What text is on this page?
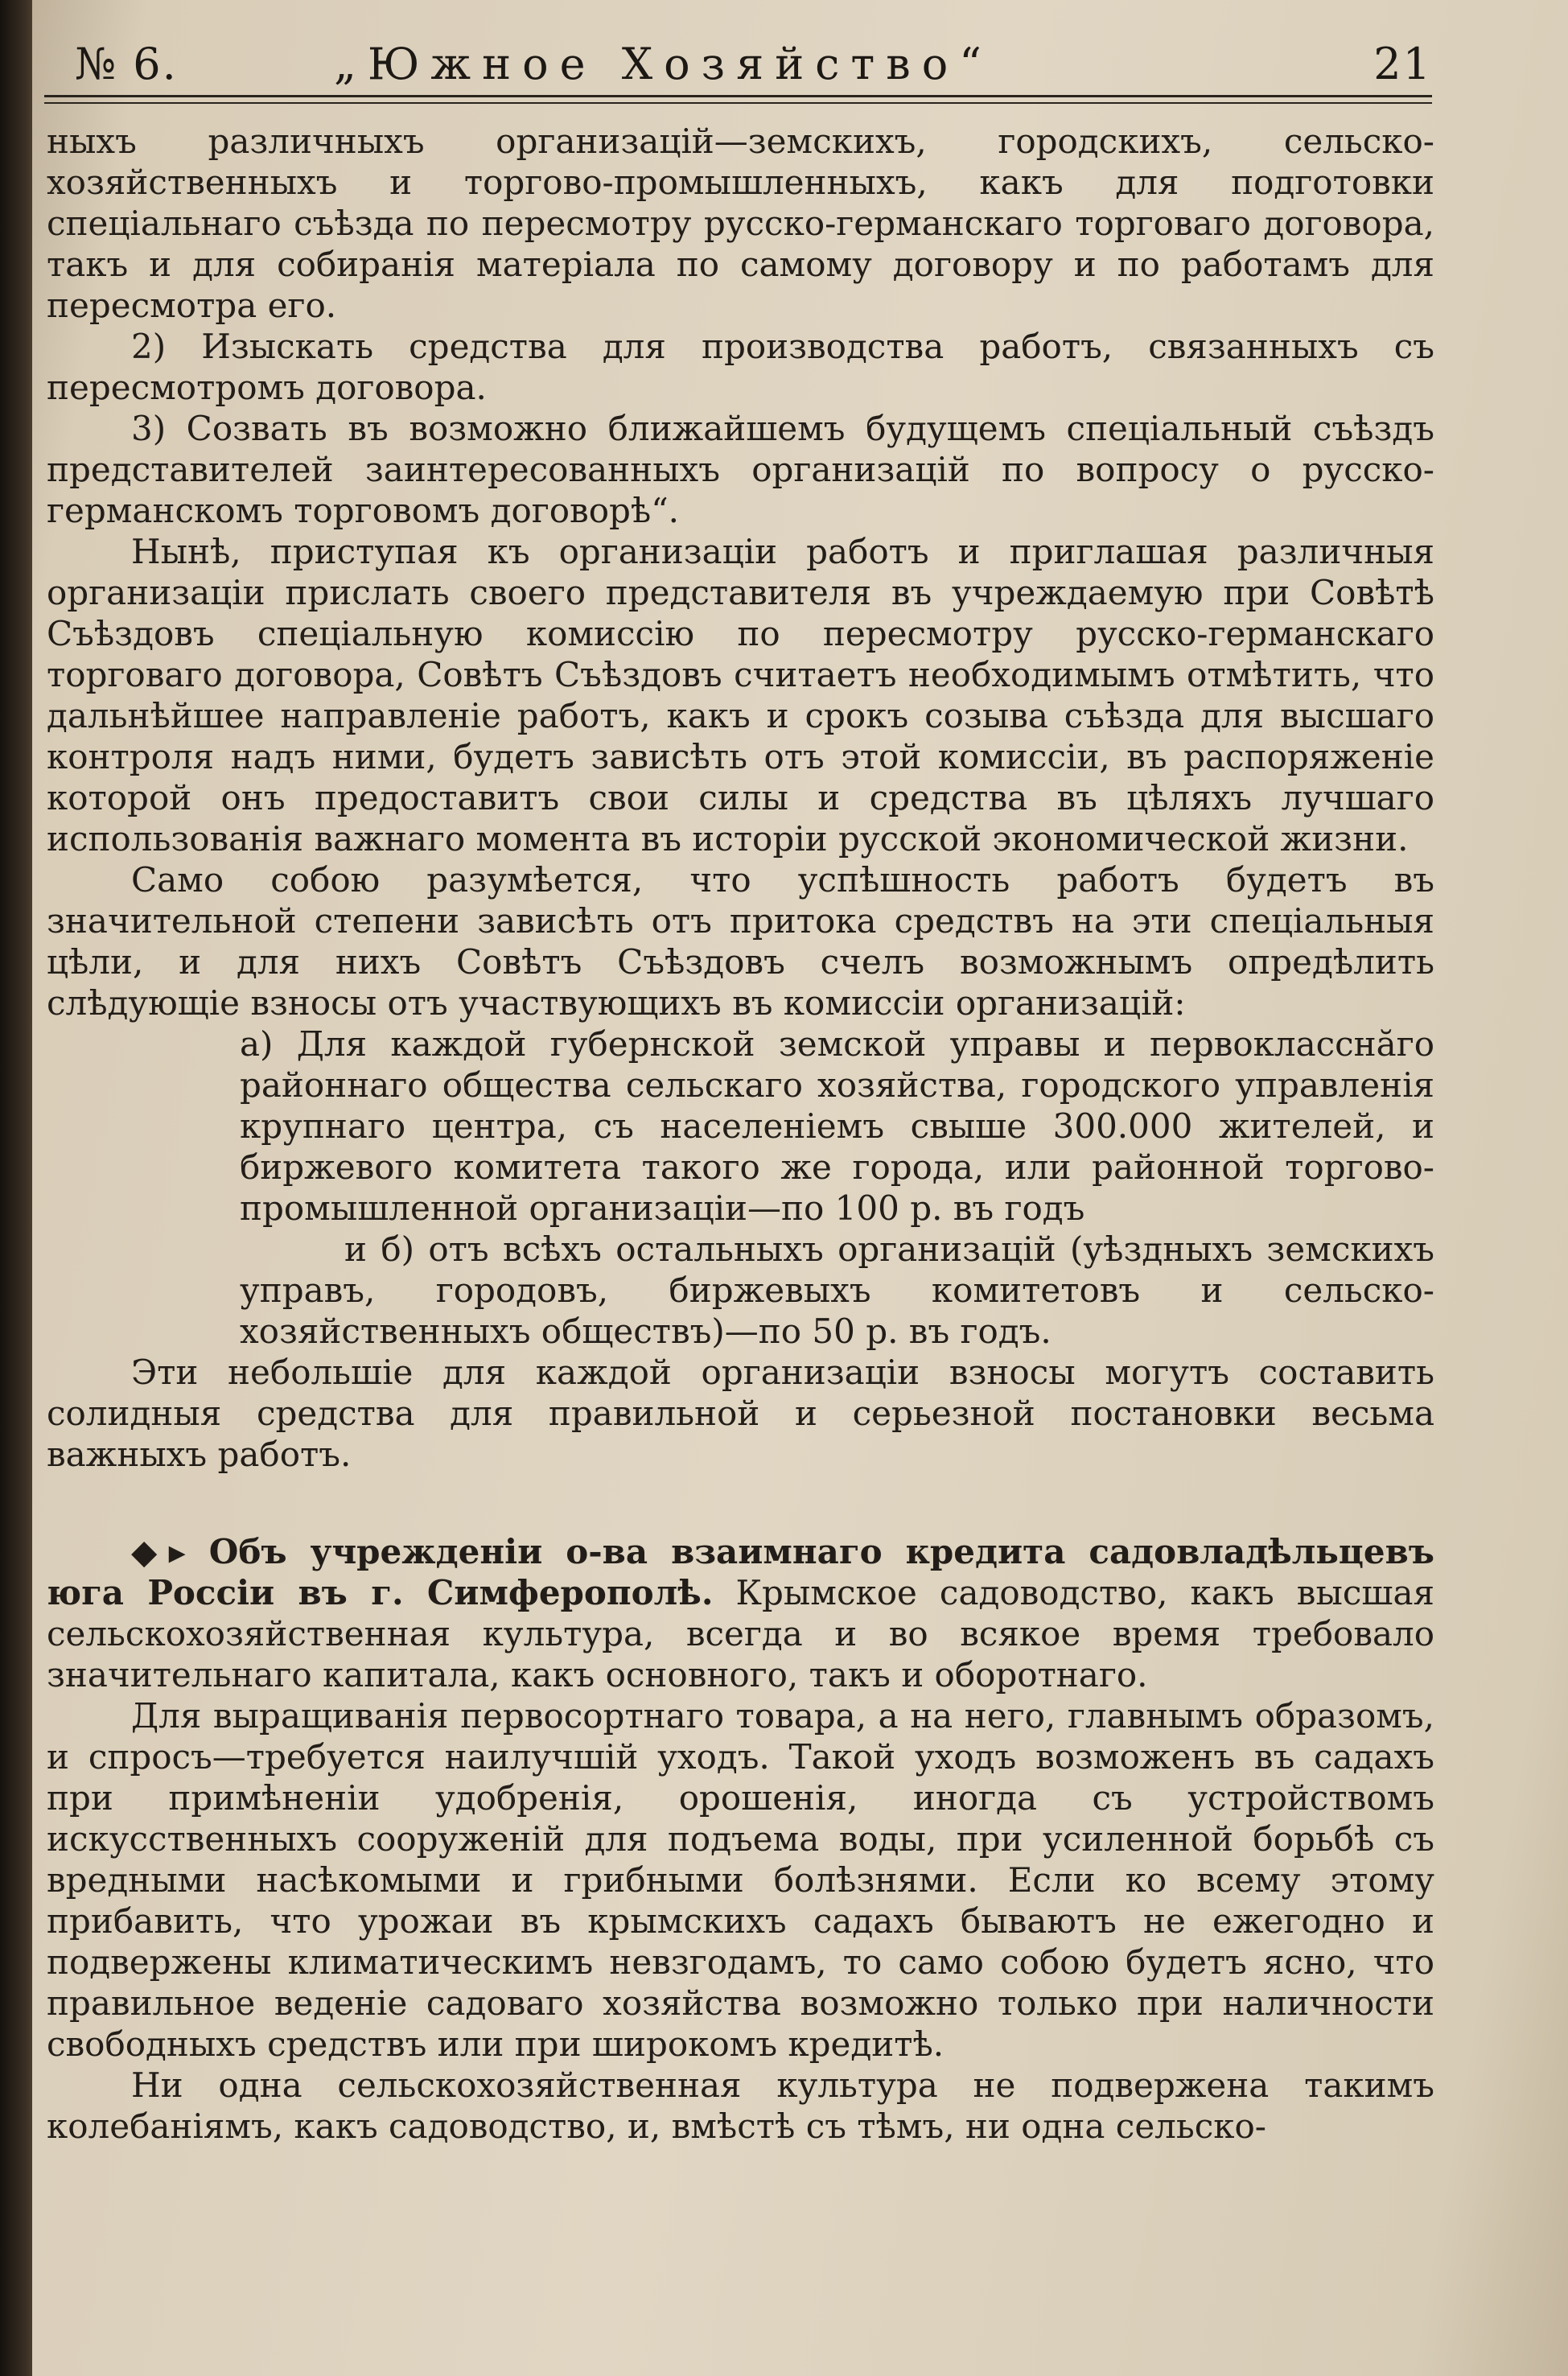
№ 6.	„Южное Хозяйство“	21

ныхъ различныхъ организацій—земскихъ, городскихъ, сельско-хозяйственныхъ и торгово-промышленныхъ, какъ для подготовки спеціальнаго съѣзда по пересмотру русско-германскаго торговаго договора, такъ и для собиранія матеріала по самому договору и по работамъ для пересмотра его.

2) Изыскать средства для производства работъ, связанныхъ съ пересмотромъ договора.

3) Созвать въ возможно ближайшемъ будущемъ спеціальный съѣздъ представителей заинтересованныхъ организацій по вопросу о русско-германскомъ торговомъ договорѣ“.

Нынѣ, приступая къ организаціи работъ и приглашая различныя организаціи прислать своего представителя въ учреждаемую при Совѣтѣ Съѣздовъ спеціальную комиссію по пересмотру русско-германскаго торговаго договора, Совѣтъ Съѣздовъ считаетъ необходимымъ отмѣтить, что дальнѣйшее направленіе работъ, какъ и срокъ созыва съѣзда для высшаго контроля надъ ними, будетъ зависѣть отъ этой комиссіи, въ распоряженіе которой онъ предоставитъ свои силы и средства въ цѣляхъ лучшаго использованія важнаго момента въ исторіи русской экономической жизни.

Само собою разумѣется, что успѣшность работъ будетъ въ значительной степени зависѣть отъ притока средствъ на эти спеціальныя цѣли, и для нихъ Совѣтъ Съѣздовъ счелъ возможнымъ опредѣлить слѣдующіе взносы отъ участвующихъ въ комиссіи организацій:

а) Для каждой губернской земской управы и первокласснӑго районнаго общества сельскаго хозяйства, городского управленія крупнаго центра, съ населеніемъ свыше 300.000 жителей, и биржевого комитета такого же города, или районной торгово-промышленной организаціи—по 100 р. въ годъ

и б) отъ всѣхъ остальныхъ организацій (уѣздныхъ земскихъ управъ, городовъ, биржевыхъ комитетовъ и сельско-хозяйственныхъ обществъ)—по 50 р. въ годъ.

Эти небольшіе для каждой организаціи взносы могутъ составить солидныя средства для правильной и серьезной постановки весьма важныхъ работъ.

◆▸ Объ учрежденіи о-ва взаимнаго кредита садовладѣльцевъ юга Россіи въ г. Симферополѣ. Крымское садоводство, какъ высшая сельскохозяйственная культура, всегда и во всякое время требовало значительнаго капитала, какъ основного, такъ и оборотнаго.

Для выращиванія первосортнаго товара, а на него, главнымъ образомъ, и спросъ—требуется наилучшій уходъ. Такой уходъ возможенъ въ садахъ при примѣненіи удобренія, орошенія, иногда съ устройствомъ искусственныхъ сооруженій для подъема воды, при усиленной борьбѣ съ вредными насѣкомыми и грибными болѣзнями. Если ко всему этому прибавить, что урожаи въ крымскихъ садахъ бываютъ не ежегодно и подвержены климатическимъ невзгодамъ, то само собою будетъ ясно, что правильное веденіе садоваго хозяйства возможно только при наличности свободныхъ средствъ или при широкомъ кредитѣ.

Ни одна сельскохозяйственная культура не подвержена такимъ колебаніямъ, какъ садоводство, и, вмѣстѣ съ тѣмъ, ни одна сельско-
